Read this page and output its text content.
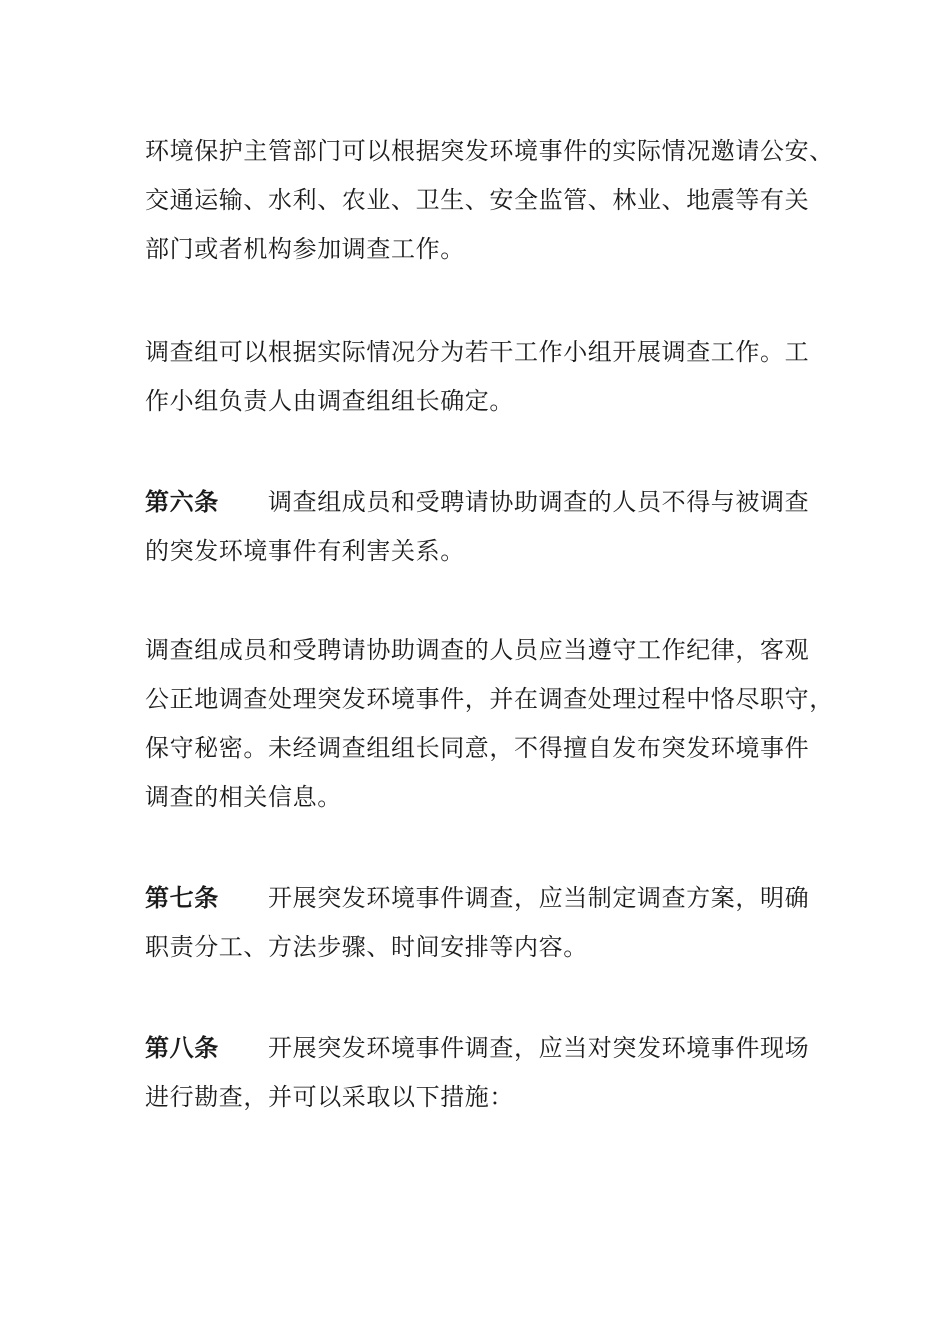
环境保护主管部门可以根据突发环境事件的实际情况邀请公安、
交通运输、水利、农业、卫生、安全监管、林业、地震等有关
部门或者机构参加调查工作。

调查组可以根据实际情况分为若干工作小组开展调查工作。工
作小组负责人由调查组组长确定。

第六条 调查组成员和受聘请协助调查的人员不得与被调查
的突发环境事件有利害关系。

调查组成员和受聘请协助调查的人员应当遵守工作纪律，客观
公正地调查处理突发环境事件，并在调查处理过程中恪尽职守，
保守秘密。未经调查组组长同意，不得擅自发布突发环境事件
调查的相关信息。

第七条 开展突发环境事件调查，应当制定调查方案，明确
职责分工、方法步骤、时间安排等内容。

第八条 开展突发环境事件调查，应当对突发环境事件现场
进行勘查，并可以采取以下措施：
